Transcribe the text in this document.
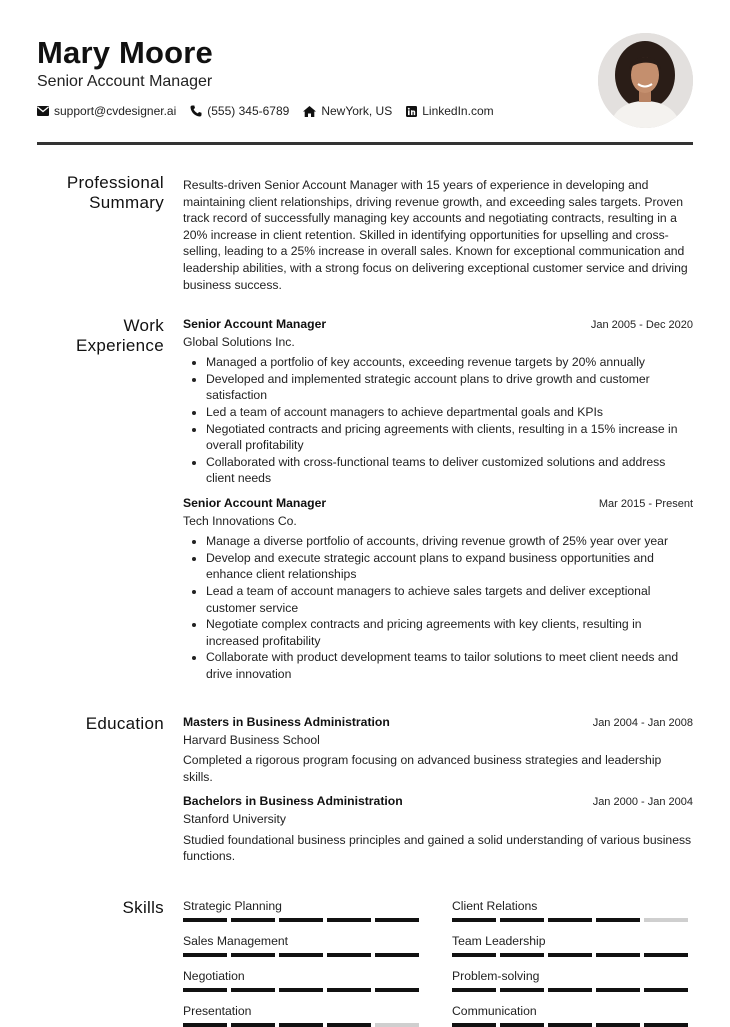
Mary Moore
Senior Account Manager
support@cvdesigner.ai	(555) 345-6789	NewYork, US	LinkedIn.com
Professional
Summary
Results-driven Senior Account Manager with 15 years of experience in developing and maintaining client relationships, driving revenue growth, and exceeding sales targets. Proven track record of successfully managing key accounts and negotiating contracts, resulting in a 20% increase in client retention. Skilled in identifying opportunities for upselling and cross-selling, leading to a 25% increase in overall sales. Known for exceptional communication and leadership abilities, with a strong focus on delivering exceptional customer service and driving business success.
Work
Experience
Senior Account Manager	Jan 2005 - Dec 2020
Global Solutions Inc.
• Managed a portfolio of key accounts, exceeding revenue targets by 20% annually
• Developed and implemented strategic account plans to drive growth and customer satisfaction
• Led a team of account managers to achieve departmental goals and KPIs
• Negotiated contracts and pricing agreements with clients, resulting in a 15% increase in overall profitability
• Collaborated with cross-functional teams to deliver customized solutions and address client needs
Senior Account Manager	Mar 2015 - Present
Tech Innovations Co.
• Manage a diverse portfolio of accounts, driving revenue growth of 25% year over year
• Develop and execute strategic account plans to expand business opportunities and enhance client relationships
• Lead a team of account managers to achieve sales targets and deliver exceptional customer service
• Negotiate complex contracts and pricing agreements with key clients, resulting in increased profitability
• Collaborate with product development teams to tailor solutions to meet client needs and drive innovation
Education Masters in Business Administration	Jan 2004 - Jan 2008
Harvard Business School
Completed a rigorous program focusing on advanced business strategies and leadership skills.
Bachelors in Business Administration	Jan 2000 - Jan 2004
Stanford University
Studied foundational business principles and gained a solid understanding of various business functions.
Skills Strategic Planning	Client Relations
Sales Management	Team Leadership
Negotiation	Problem-solving
Presentation	Communication
